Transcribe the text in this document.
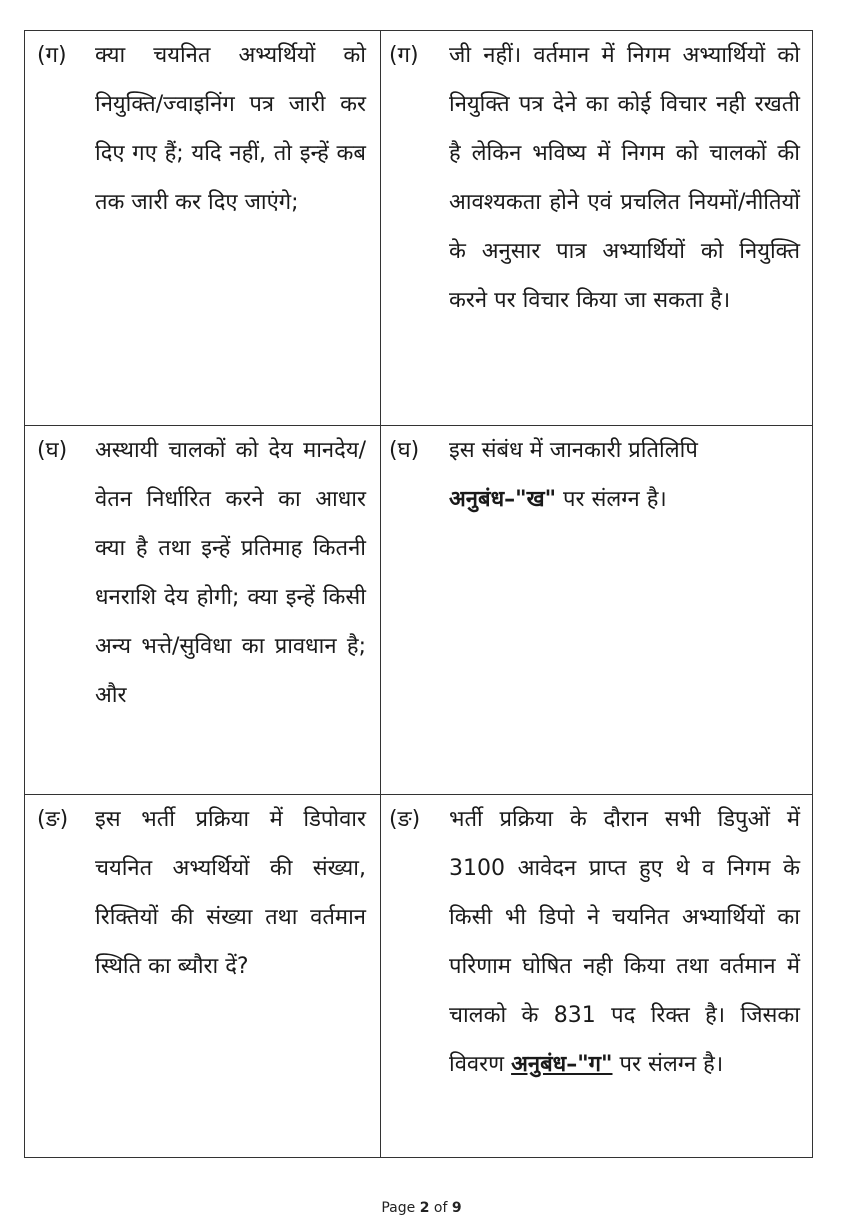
(ग) क्या चयनित अभ्यर्थियों को नियुक्ति/ज्वाइनिंग पत्र जारी कर दिए गए हैं; यदि नहीं, तो इन्हें कब तक जारी कर दिए जाएंगे;	(ग) जी नहीं। वर्तमान में निगम अभ्यार्थियों को नियुक्ति पत्र देने का कोई विचार नही रखती है लेकिन भविष्य में निगम को चालकों की आवश्यकता होने एवं प्रचलित नियमों/नीतियों के अनुसार पात्र अभ्यार्थियों को नियुक्ति करने पर विचार किया जा सकता है।

(घ) अस्थायी चालकों को देय मानदेय/वेतन निर्धारित करने का आधार क्या है तथा इन्हें प्रतिमाह कितनी धनराशि देय होगी; क्या इन्हें किसी अन्य भत्ते/सुविधा का प्रावधान है; और	(घ) इस संबंध में जानकारी प्रतिलिपि
अनुबंध–"ख" पर संलग्न है।

(ङ) इस भर्ती प्रक्रिया में डिपोवार चयनित अभ्यर्थियों की संख्या, रिक्तियों की संख्या तथा वर्तमान स्थिति का ब्यौरा दें?	(ङ) भर्ती प्रक्रिया के दौरान सभी डिपुओं में 3100 आवेदन प्राप्त हुए थे व निगम के किसी भी डिपो ने चयनित अभ्यार्थियों का परिणाम घोषित नही किया तथा वर्तमान में चालको के 831 पद रिक्त है। जिसका विवरण अनुबंध–"ग" पर संलग्न है।
Page 2 of 9
